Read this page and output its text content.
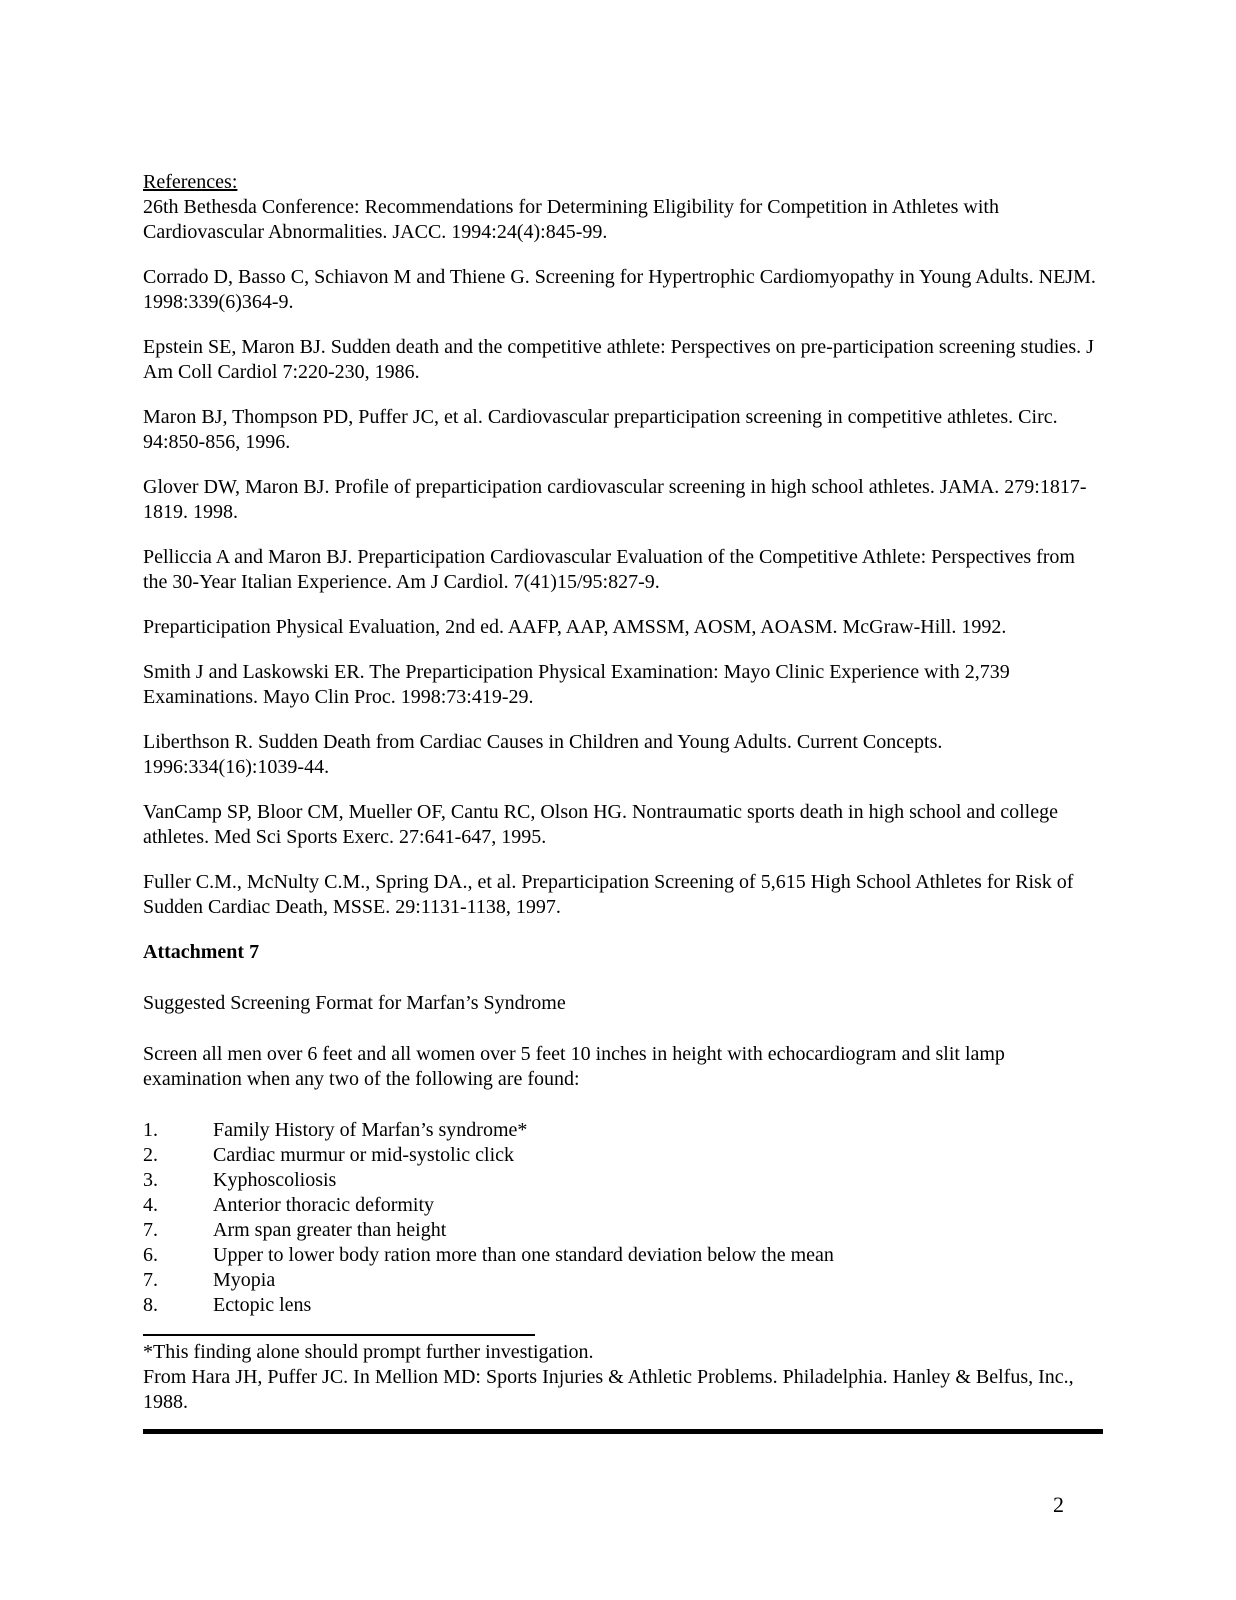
References:

26th Bethesda Conference: Recommendations for Determining Eligibility for Competition in Athletes with Cardiovascular Abnormalities. JACC. 1994:24(4):845-99.

Corrado D, Basso C, Schiavon M and Thiene G. Screening for Hypertrophic Cardiomyopathy in Young Adults. NEJM. 1998:339(6)364-9.

Epstein SE, Maron BJ. Sudden death and the competitive athlete: Perspectives on pre-participation screening studies. J Am Coll Cardiol 7:220-230, 1986.

Maron BJ, Thompson PD, Puffer JC, et al. Cardiovascular preparticipation screening in competitive athletes. Circ. 94:850-856, 1996.

Glover DW, Maron BJ. Profile of preparticipation cardiovascular screening in high school athletes. JAMA. 279:1817-1819. 1998.

Pelliccia A and Maron BJ. Preparticipation Cardiovascular Evaluation of the Competitive Athlete: Perspectives from the 30-Year Italian Experience. Am J Cardiol. 7(41)15/95:827-9.

Preparticipation Physical Evaluation, 2nd ed. AAFP, AAP, AMSSM, AOSM, AOASM. McGraw-Hill. 1992.

Smith J and Laskowski ER. The Preparticipation Physical Examination: Mayo Clinic Experience with 2,739 Examinations. Mayo Clin Proc. 1998:73:419-29.

Liberthson R. Sudden Death from Cardiac Causes in Children and Young Adults. Current Concepts. 1996:334(16):1039-44.

VanCamp SP, Bloor CM, Mueller OF, Cantu RC, Olson HG. Nontraumatic sports death in high school and college athletes. Med Sci Sports Exerc. 27:641-647, 1995.

Fuller C.M., McNulty C.M., Spring DA., et al. Preparticipation Screening of 5,615 High School Athletes for Risk of Sudden Cardiac Death, MSSE. 29:1131-1138, 1997.

Attachment 7

Suggested Screening Format for Marfan’s Syndrome

Screen all men over 6 feet and all women over 5 feet 10 inches in height with echocardiogram and slit lamp examination when any two of the following are found:

1.	Family History of Marfan’s syndrome*
2.	Cardiac murmur or mid-systolic click
3.	Kyphoscoliosis
4.	Anterior thoracic deformity
7.	Arm span greater than height
6.	Upper to lower body ration more than one standard deviation below the mean
7.	Myopia
8.	Ectopic lens

*This finding alone should prompt further investigation.

From Hara JH, Puffer JC. In Mellion MD: Sports Injuries & Athletic Problems. Philadelphia. Hanley & Belfus, Inc., 1988.

2
